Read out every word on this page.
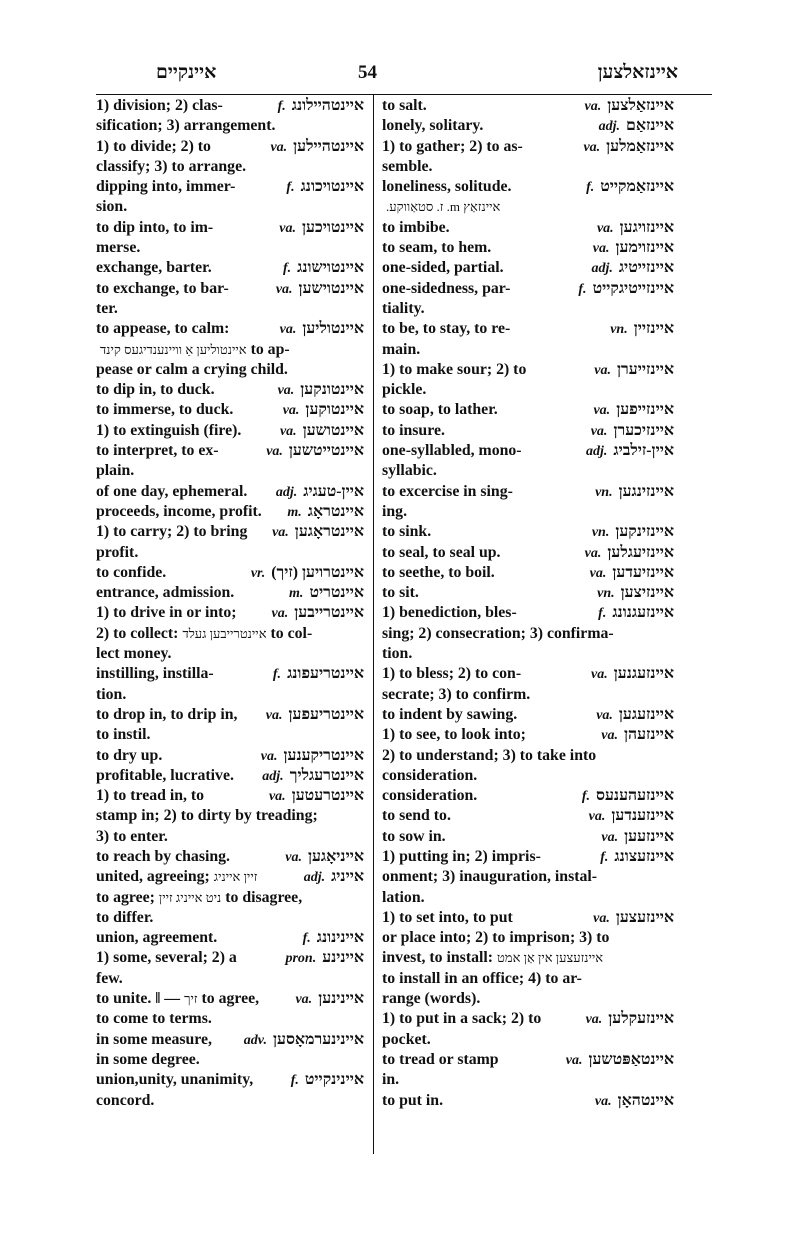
איינקיים	54	איינזאלצען
1) division; 2) clas-	f. איינטהיילונג
sification; 3) arrangement.
1) to divide; 2) to	va. איינטהיילען
classify; 3) to arrange.
dipping into, immer-	f. איינטויכונג
sion.
to dip into, to im-	va. איינטויכען
merse.
exchange, barter.	f. איינטוישונג
to exchange, to bar-	va. איינטוישען
ter.
to appease, to calm:	va. איינטוליען
איינטוליען אַ וויינענדיגעס קינד to ap-
pease or calm a crying child.
to dip in, to duck.	va. איינטונקען
to immerse, to duck.	va. איינטוקען
1) to extinguish (fire).	va. איינטושען
to interpret, to ex-	va. איינטייטשען
plain.
of one day, ephemeral. adj. איין-טעגיג
proceeds, income, profit. m. איינטראָג
1) to carry; 2) to bring va. איינטראָגען
profit.
to confide.	vr. איינטרויען (זיך)
entrance, admission.	m. איינטריט
1) to drive in or into; va. איינטרייבען
2) to collect: איינטרייבען געלד to col-
lect money.
instilling, instilla-	f. איינטריעפונג
tion.
to drop in, to drip in, va. איינטריעפען
to instil.
to dry up.	va. איינטריקענען
profitable, lucrative. adj. איינטרעגליך
1) to tread in, to	va. איינטרעטען
stamp in; 2) to dirty by treading;
3) to enter.
to reach by chasing.	va. אייניאָגען
united, agreeing; זיין אייניג	adj. אייניג
to agree; ניט אייניג זיין to disagree,
to differ.
union, agreement.	f. איינינונג
1) some, several; 2) a	pron. איינינע
few.
to unite. ‖ — זיך to agree,	va. איינינען
to come to terms.
in some measure, adv. איינינערמאָסען
in some degree.
union,unity, unanimity,	f. איינינקייט
concord.
to salt.	va. איינזאַלצען
lonely, solitary.	adj. איינזאַם
1) to gather; 2) to as-	va. איינזאַמלען
semble.
loneliness, solitude.	f. איינזאַמקייט
איינזאַץ m. ז. סטאַווקע.
to imbibe.	va. איינזויגען
to seam, to hem.	va. איינזוימען
one-sided, partial.	adj. איינזייטיג
one-sidedness, par-	f. איינזייטיגקייט
tiality.
to be, to stay, to re-	vn. איינזיין
main.
1) to make sour; 2) to	va. איינזייערן
pickle.
to soap, to lather.	va. איינזייפען
to insure.	va. איינזיכערן
one-syllabled, mono-	adj. איין-זילביג
syllabic.
to excercise in sing-	vn. איינזינגען
ing.
to sink.	vn. איינזינקען
to seal, to seal up.	va. איינזיעגלען
to seethe, to boil.	va. איינזיעדען
to sit.	vn. איינזיצען
1) benediction, bles-	f. איינזעגנונג
sing; 2) consecration; 3) confirma-
tion.
1) to bless; 2) to con-	va. איינזעגנען
secrate; 3) to confirm.
to indent by sawing.	va. איינזעגען
1) to see, to look into;	va. איינזעהן
2) to understand; 3) to take into
consideration.
consideration.	f. איינזעהענעס
to send to.	va. איינזענדען
to sow in.	va. איינזעען
1) putting in; 2) impris-	f. איינזעצונג
onment; 3) inauguration, instal-
lation.
1) to set into, to put	va. איינזעצען
or place into; 2) to imprison; 3) to
invest, to install: איינזעצען אין אַן אמט
to install in an office; 4) to ar-
range (words).
1) to put in a sack; 2) to	va. איינזעקלען
pocket.
to tread or stamp	va. איינטאַפּטשען
in.
to put in.	va. איינטהאָן
